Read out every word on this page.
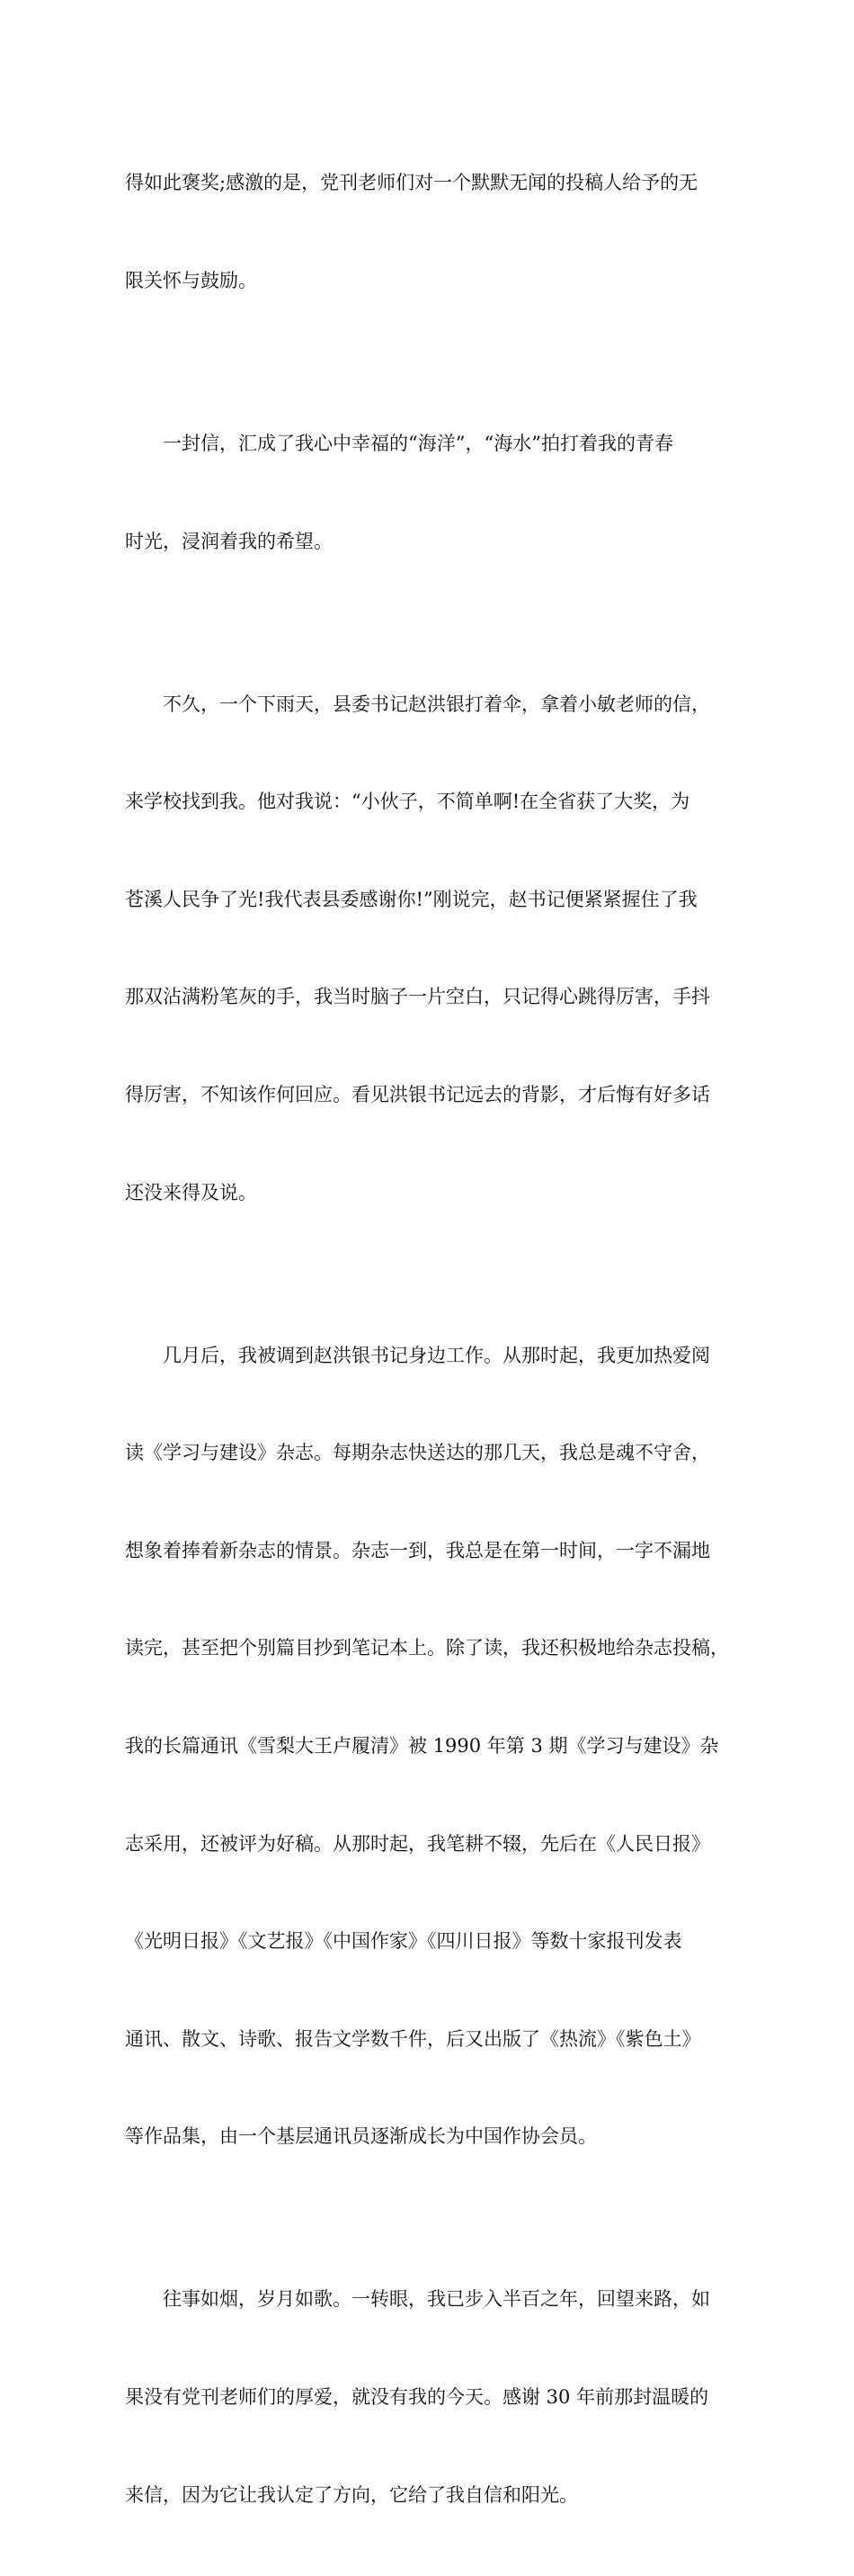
得如此褒奖;感激的是，党刊老师们对一个默默无闻的投稿人给予的无

限关怀与鼓励。

一封信，汇成了我心中幸福的“海洋”，“海水”拍打着我的青春

时光，浸润着我的希望。

不久，一个下雨天，县委书记赵洪银打着伞，拿着小敏老师的信，

来学校找到我。他对我说：“小伙子，不简单啊!在全省获了大奖，为

苍溪人民争了光!我代表县委感谢你!”刚说完，赵书记便紧紧握住了我

那双沾满粉笔灰的手，我当时脑子一片空白，只记得心跳得厉害，手抖

得厉害，不知该作何回应。看见洪银书记远去的背影，才后悔有好多话

还没来得及说。

几月后，我被调到赵洪银书记身边工作。从那时起，我更加热爱阅

读《学习与建设》杂志。每期杂志快送达的那几天，我总是魂不守舍，

想象着捧着新杂志的情景。杂志一到，我总是在第一时间，一字不漏地

读完，甚至把个别篇目抄到笔记本上。除了读，我还积极地给杂志投稿，

我的长篇通讯《雪梨大王卢履清》被 1990 年第 3 期《学习与建设》杂

志采用，还被评为好稿。从那时起，我笔耕不辍，先后在《人民日报》

《光明日报》《文艺报》《中国作家》《四川日报》等数十家报刊发表

通讯、散文、诗歌、报告文学数千件，后又出版了《热流》《紫色土》

等作品集，由一个基层通讯员逐渐成长为中国作协会员。

往事如烟，岁月如歌。一转眼，我已步入半百之年，回望来路，如

果没有党刊老师们的厚爱，就没有我的今天。感谢 30 年前那封温暖的

来信，因为它让我认定了方向，它给了我自信和阳光。
